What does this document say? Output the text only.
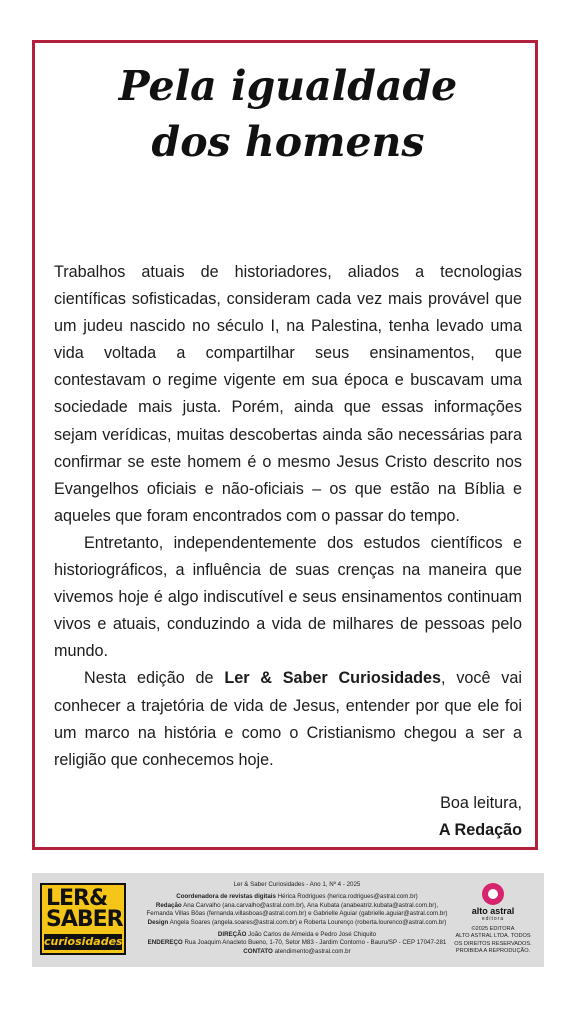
Pela igualdade
dos homens

Trabalhos atuais de historiadores, aliados a tecnologias científicas sofisticadas, consideram cada vez mais provável que um judeu nascido no século I, na Palestina, tenha levado uma vida voltada a compartilhar seus ensinamentos, que contestavam o regime vigente em sua época e buscavam uma sociedade mais justa. Porém, ainda que essas informações sejam verídicas, muitas descobertas ainda são necessárias para confirmar se este homem é o mesmo Jesus Cristo descrito nos Evangelhos oficiais e não-oficiais – os que estão na Bíblia e aqueles que foram encontrados com o passar do tempo.

Entretanto, independentemente dos estudos científicos e historiográficos, a influência de suas crenças na maneira que vivemos hoje é algo indiscutível e seus ensinamentos continuam vivos e atuais, conduzindo a vida de milhares de pessoas pelo mundo.

Nesta edição de Ler & Saber Curiosidades, você vai conhecer a trajetória de vida de Jesus, entender por que ele foi um marco na história e como o Cristianismo chegou a ser a religião que conhecemos hoje.

Boa leitura,
A Redação
LER&
SABER
curiosidades
Ler & Saber Curiosidades - Ano 1, Nº 4 - 2025
Coordenadora de revistas digitais Hérica Rodrigues (herica.rodrigues@astral.com.br)
Redação Ana Carvalho (ana.carvalho@astral.com.br), Ana Kubata (anabeatriz.kubata@astral.com.br),
Fernanda Villas Bôas (fernanda.villasboas@astral.com.br) e Gabrielle Aguiar (gabrielle.aguiar@astral.com.br)
Design Angela Soares (angela.soares@astral.com.br) e Roberta Lourenço (roberta.lourenco@astral.com.br)
DIREÇÃO João Carlos de Almeida e Pedro José Chiquito
ENDEREÇO Rua Joaquim Anacleto Bueno, 1-70, Setor M83 - Jardim Contorno - Bauru/SP - CEP 17047-281
CONTATO atendimento@astral.com.br
alto astral
editora
©2025 EDITORA
ALTO ASTRAL LTDA. TODOS
OS DIREITOS RESERVADOS.
PROIBIDA A REPRODUÇÃO.
